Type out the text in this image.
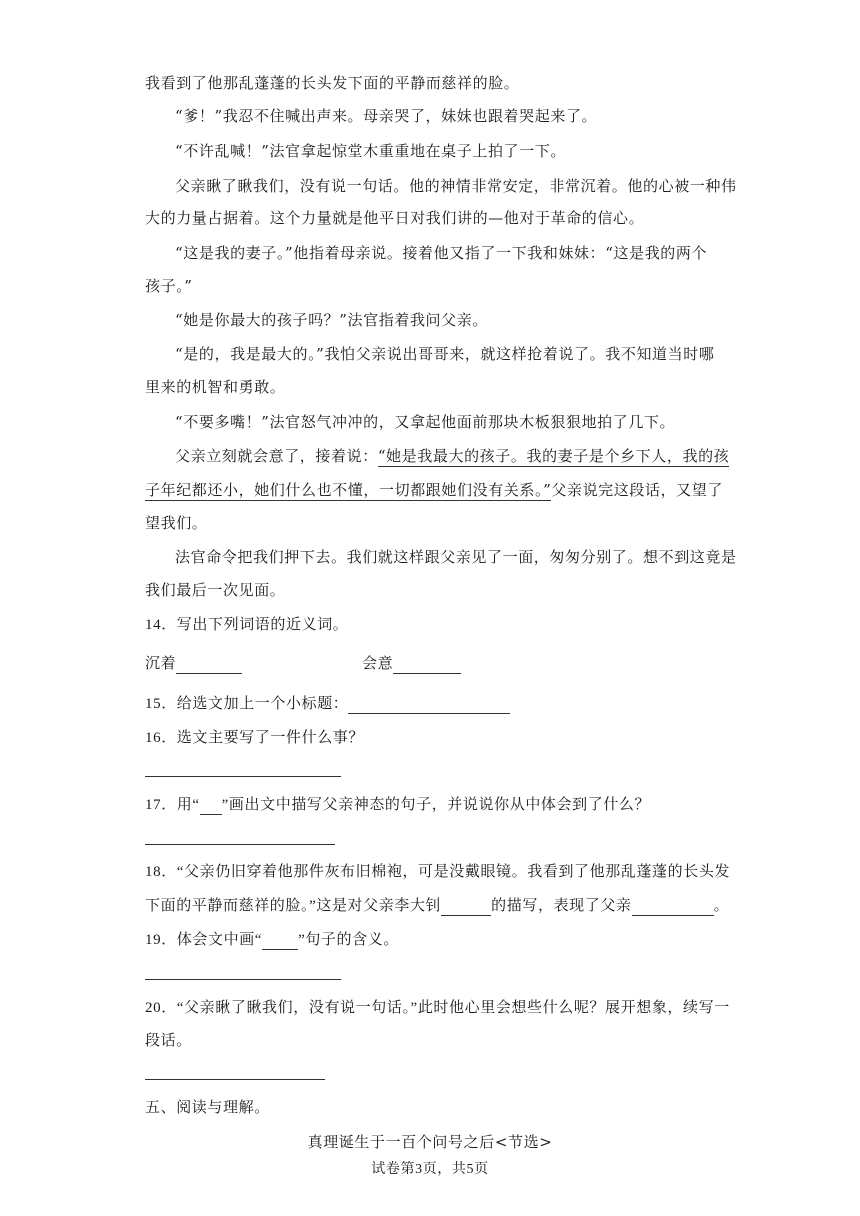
我看到了他那乱蓬蓬的长头发下面的平静而慈祥的脸。
“爹！”我忍不住喊出声来。母亲哭了，妹妹也跟着哭起来了。
“不许乱喊！”法官拿起惊堂木重重地在桌子上拍了一下。
父亲瞅了瞅我们，没有说一句话。他的神情非常安定，非常沉着。他的心被一种伟
大的力量占据着。这个力量就是他平日对我们讲的—他对于革命的信心。
“这是我的妻子。”他指着母亲说。接着他又指了一下我和妹妹：“这是我的两个
孩子。”
“她是你最大的孩子吗？”法官指着我问父亲。
“是的，我是最大的。”我怕父亲说出哥哥来，就这样抢着说了。我不知道当时哪
里来的机智和勇敢。
“不要多嘴！”法官怒气冲冲的，又拿起他面前那块木板狠狠地拍了几下。
父亲立刻就会意了，接着说：“她是我最大的孩子。我的妻子是个乡下人，我的孩
子年纪都还小，她们什么也不懂，一切都跟她们没有关系。”父亲说完这段话，又望了
望我们。
法官命令把我们押下去。我们就这样跟父亲见了一面，匆匆分别了。想不到这竟是
我们最后一次见面。
14．写出下列词语的近义词。
沉着	会意
15．给选文加上一个小标题：
16．选文主要写了一件什么事？
17．用“ ”画出文中描写父亲神态的句子，并说说你从中体会到了什么？
18．“父亲仍旧穿着他那件灰布旧棉袍，可是没戴眼镜。我看到了他那乱蓬蓬的长头发
下面的平静而慈祥的脸。”这是对父亲李大钊	的描写，表现了父亲	。
19．体会文中画“ ”句子的含义。
20．“父亲瞅了瞅我们，没有说一句话。”此时他心里会想些什么呢？展开想象，续写一
段话。
五、阅读与理解。
真理诞生于一百个问号之后<节选>
试卷第3页，共5页
